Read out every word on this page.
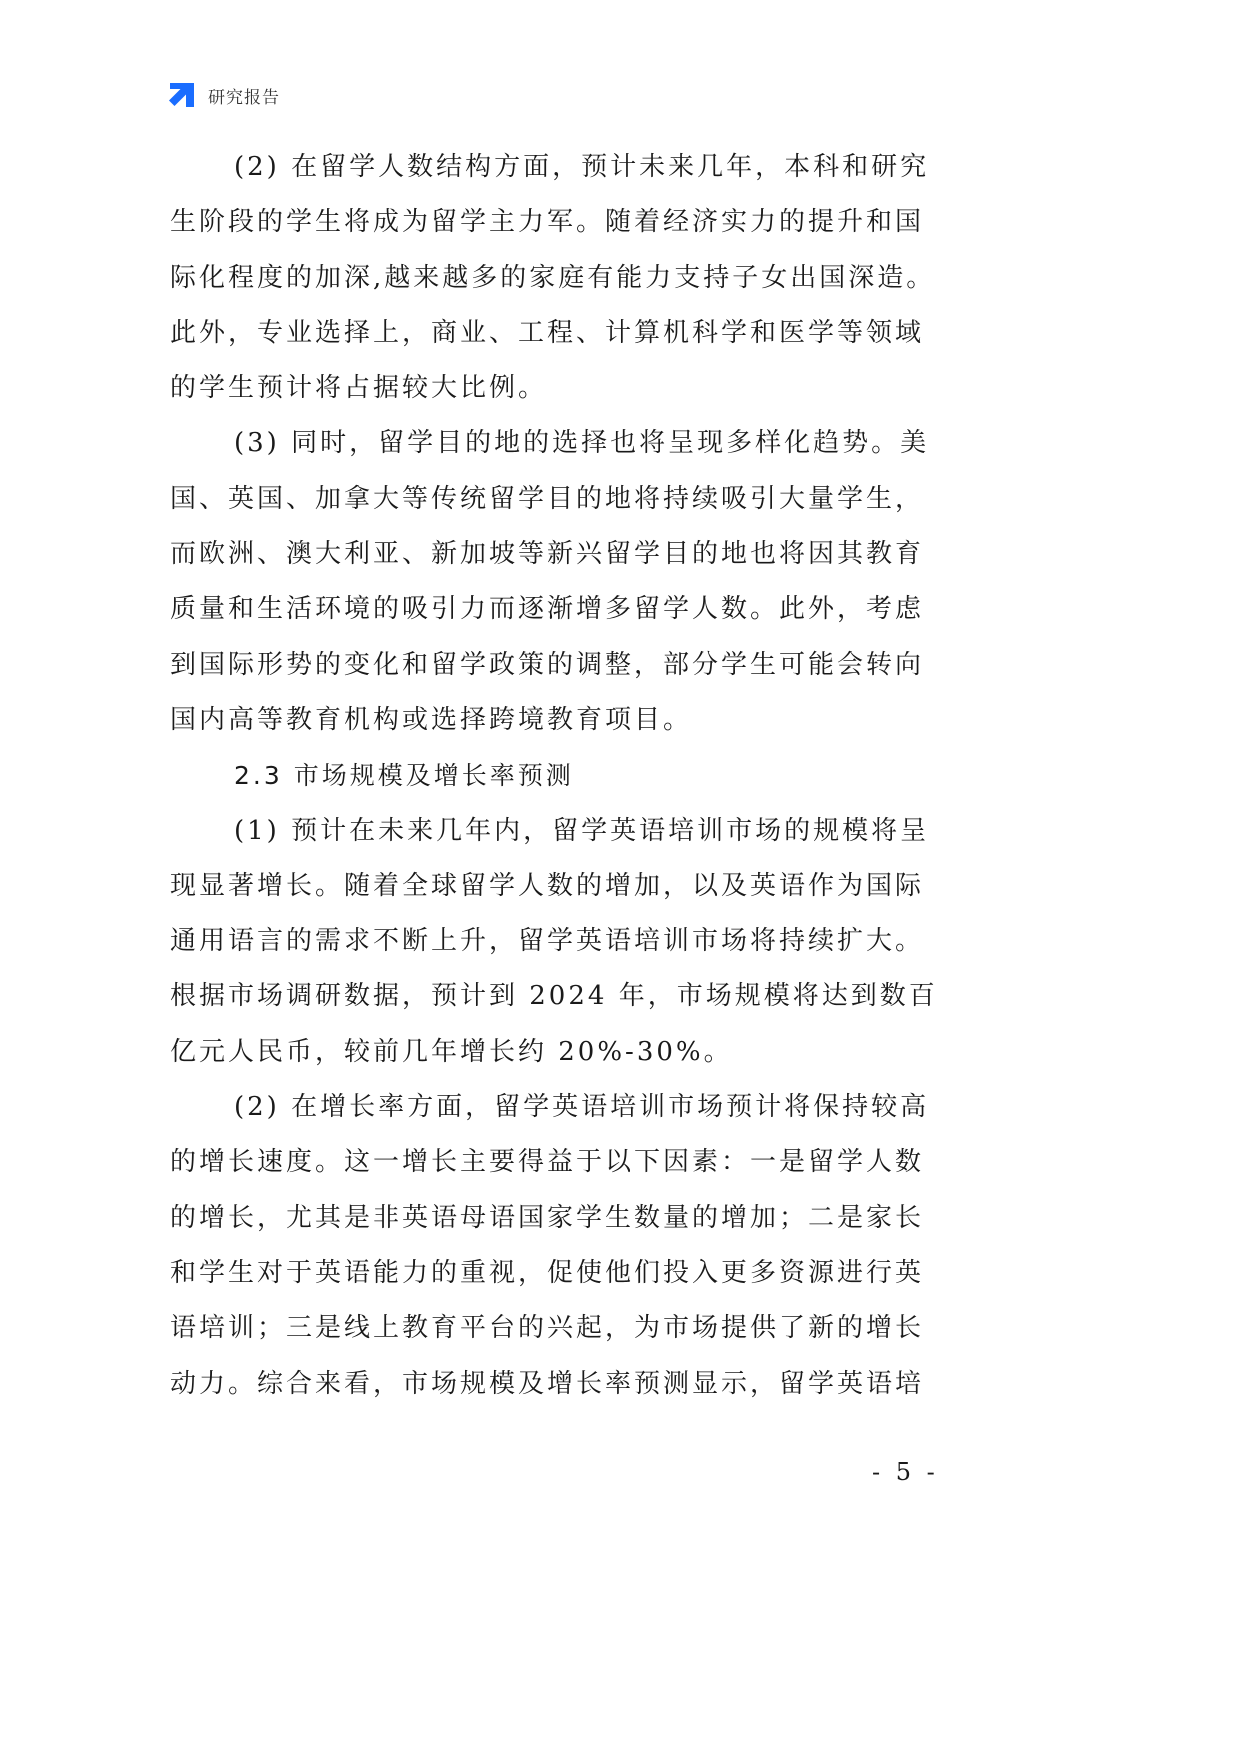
研究报告
(2) 在留学人数结构方面，预计未来几年，本科和研究
生阶段的学生将成为留学主力军。随着经济实力的提升和国
际化程度的加深,越来越多的家庭有能力支持子女出国深造。
此外，专业选择上，商业、工程、计算机科学和医学等领域
的学生预计将占据较大比例。
(3) 同时，留学目的地的选择也将呈现多样化趋势。美
国、英国、加拿大等传统留学目的地将持续吸引大量学生，
而欧洲、澳大利亚、新加坡等新兴留学目的地也将因其教育
质量和生活环境的吸引力而逐渐增多留学人数。此外，考虑
到国际形势的变化和留学政策的调整，部分学生可能会转向
国内高等教育机构或选择跨境教育项目。
2.3 市场规模及增长率预测
(1) 预计在未来几年内，留学英语培训市场的规模将呈
现显著增长。随着全球留学人数的增加，以及英语作为国际
通用语言的需求不断上升，留学英语培训市场将持续扩大。
根据市场调研数据，预计到 2024 年，市场规模将达到数百
亿元人民币，较前几年增长约 20%-30%。
(2) 在增长率方面，留学英语培训市场预计将保持较高
的增长速度。这一增长主要得益于以下因素：一是留学人数
的增长，尤其是非英语母语国家学生数量的增加；二是家长
和学生对于英语能力的重视，促使他们投入更多资源进行英
语培训；三是线上教育平台的兴起，为市场提供了新的增长
动力。综合来看，市场规模及增长率预测显示，留学英语培
- 5 -
